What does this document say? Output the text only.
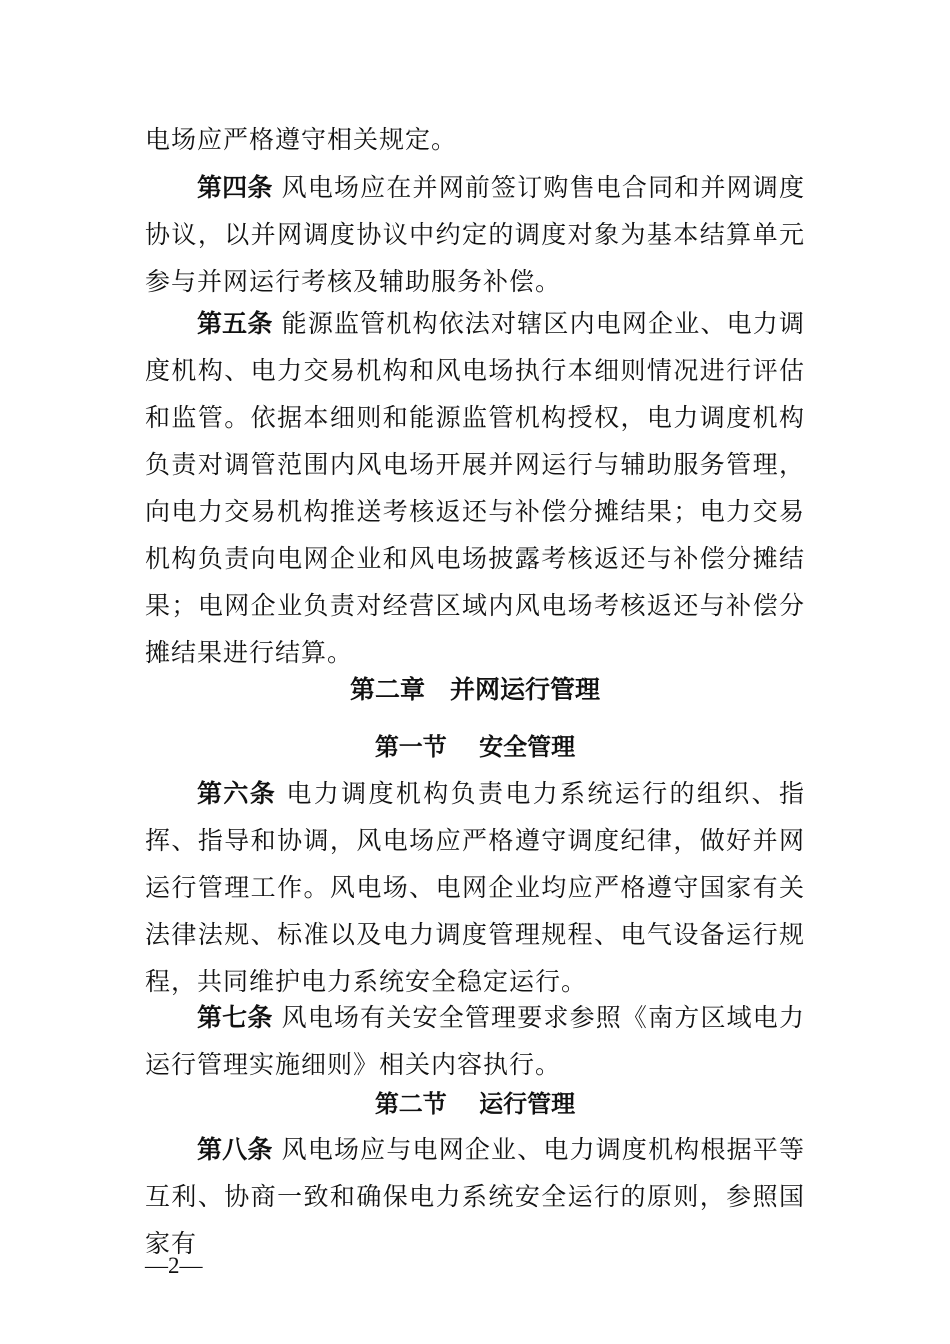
电场应严格遵守相关规定。

第四条 风电场应在并网前签订购售电合同和并网调度协议，以并网调度协议中约定的调度对象为基本结算单元参与并网运行考核及辅助服务补偿。

第五条 能源监管机构依法对辖区内电网企业、电力调度机构、电力交易机构和风电场执行本细则情况进行评估和监管。依据本细则和能源监管机构授权，电力调度机构负责对调管范围内风电场开展并网运行与辅助服务管理，向电力交易机构推送考核返还与补偿分摊结果；电力交易机构负责向电网企业和风电场披露考核返还与补偿分摊结果；电网企业负责对经营区域内风电场考核返还与补偿分摊结果进行结算。

第二章　并网运行管理
第一节　 安全管理

第六条 电力调度机构负责电力系统运行的组织、指挥、指导和协调，风电场应严格遵守调度纪律，做好并网运行管理工作。风电场、电网企业均应严格遵守国家有关法律法规、标准以及电力调度管理规程、电气设备运行规程，共同维护电力系统安全稳定运行。

第七条 风电场有关安全管理要求参照《南方区域电力运行管理实施细则》相关内容执行。

第二节　 运行管理

第八条 风电场应与电网企业、电力调度机构根据平等互利、协商一致和确保电力系统安全运行的原则，参照国家有

—2—
